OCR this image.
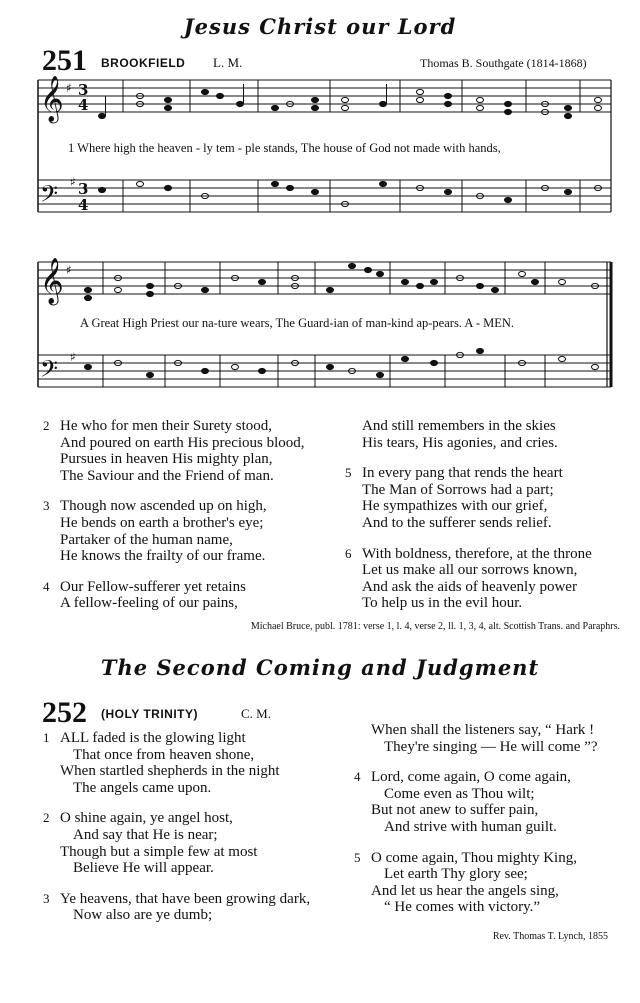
Jesus Christ our Lord
251 BROOKFIELD L. M.	Thomas B. Southgate (1814-1868)
𝄞
𝄢
♯
♯
3
4
3
4
𝄞
𝄢
♯
♯
1 Where high the heaven - ly tem - ple stands, The house of God not made with hands,
A Great High Priest our na-ture wears, The Guard-ian of man-kind ap-pears. A - MEN.
2 He who for men their Surety stood,
And poured on earth His precious blood,
Pursues in heaven His mighty plan,
The Saviour and the Friend of man.
3 Though now ascended up on high,
He bends on earth a brother's eye;
Partaker of the human name,
He knows the frailty of our frame.
4 Our Fellow-sufferer yet retains
A fellow-feeling of our pains,
And still remembers in the skies
His tears, His agonies, and cries.
5 In every pang that rends the heart
The Man of Sorrows had a part;
He sympathizes with our grief,
And to the sufferer sends relief.
6 With boldness, therefore, at the throne
Let us make all our sorrows known,
And ask the aids of heavenly power
To help us in the evil hour.
Michael Bruce, publ. 1781: verse 1, l. 4, verse 2, ll. 1, 3, 4, alt. Scottish Trans. and Paraphrs.
The Second Coming and Judgment
252 (HOLY TRINITY)	C. M.
1 ALL faded is the glowing light
That once from heaven shone,
When startled shepherds in the night
The angels came upon.
2 O shine again, ye angel host,
And say that He is near;
Though but a simple few at most
Believe He will appear.
3 Ye heavens, that have been growing dark,
Now also are ye dumb;
When shall the listeners say, “ Hark !
They're singing — He will come ”?
4 Lord, come again, O come again,
Come even as Thou wilt;
But not anew to suffer pain,
And strive with human guilt.
5 O come again, Thou mighty King,
Let earth Thy glory see;
And let us hear the angels sing,
“ He comes with victory.”
Rev. Thomas T. Lynch, 1855
